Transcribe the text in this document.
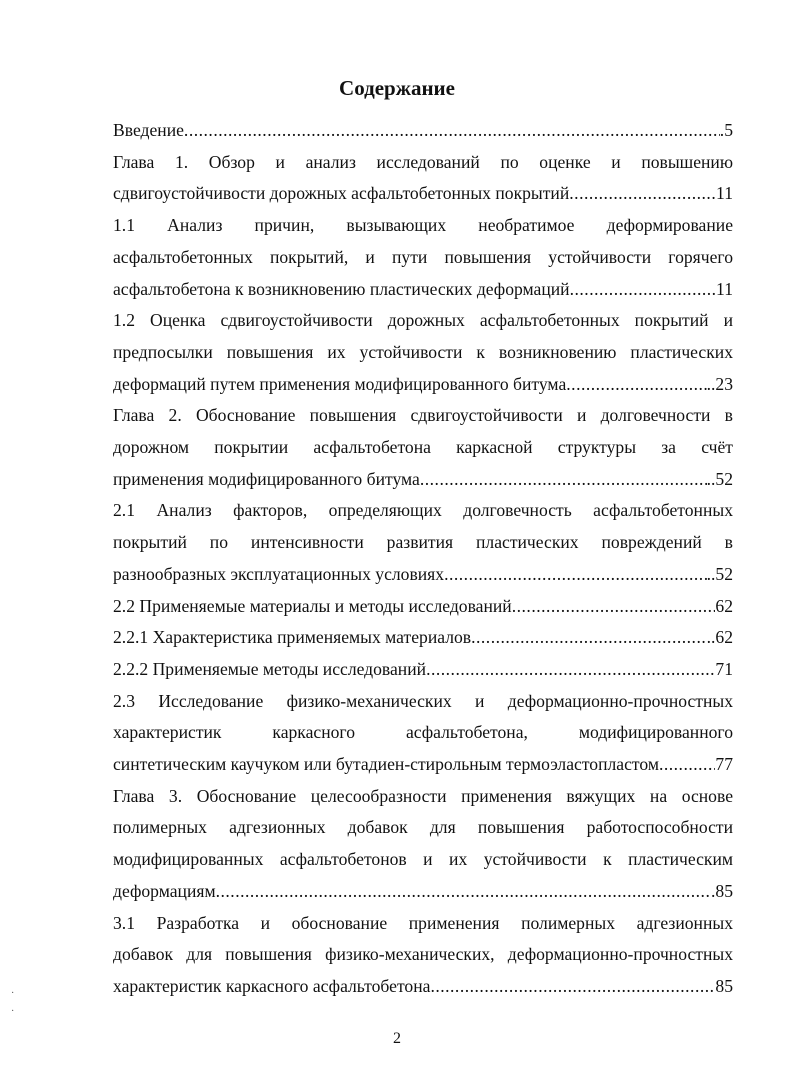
Содержание
Введение .....	.5
Глава 1. Обзор и анализ исследований по оценке и повышению
сдвигоустойчивости дорожных асфальтобетонных покрытий .....	11
1.1 Анализ причин, вызывающих необратимое деформирование
асфальтобетонных покрытий, и пути повышения устойчивости горячего
асфальтобетона к возникновению пластических деформаций .....	11
1.2 Оценка сдвигоустойчивости дорожных асфальтобетонных покрытий и
предпосылки повышения их устойчивости к возникновению пластических
деформаций путем применения модифицированного битума .....	..23
Глава 2. Обоснование повышения сдвигоустойчивости и долговечности в
дорожном покрытии асфальтобетона каркасной структуры за счёт
применения модифицированного битума .....	..52
2.1 Анализ факторов, определяющих долговечность асфальтобетонных
покрытий по интенсивности развития пластических повреждений в
разнообразных эксплуатационных условиях .....	..52
2.2 Применяемые материалы и методы исследований .....	62
2.2.1 Характеристика применяемых материалов .....	..62
2.2.2 Применяемые методы исследований .....	71
2.3 Исследование физико-механических и деформационно-прочностных
характеристик каркасного асфальтобетона, модифицированного
синтетическим каучуком или бутадиен-стирольным термоэластопластом .....	77
Глава 3. Обоснование целесообразности применения вяжущих на основе
полимерных адгезионных добавок для повышения работоспособности
модифицированных асфальтобетонов и их устойчивости к пластическим
деформациям .....	.85
3.1 Разработка и обоснование применения полимерных адгезионных
добавок для повышения физико-механических, деформационно-прочностных
характеристик каркасного асфальтобетона .....	85
·
·
2
